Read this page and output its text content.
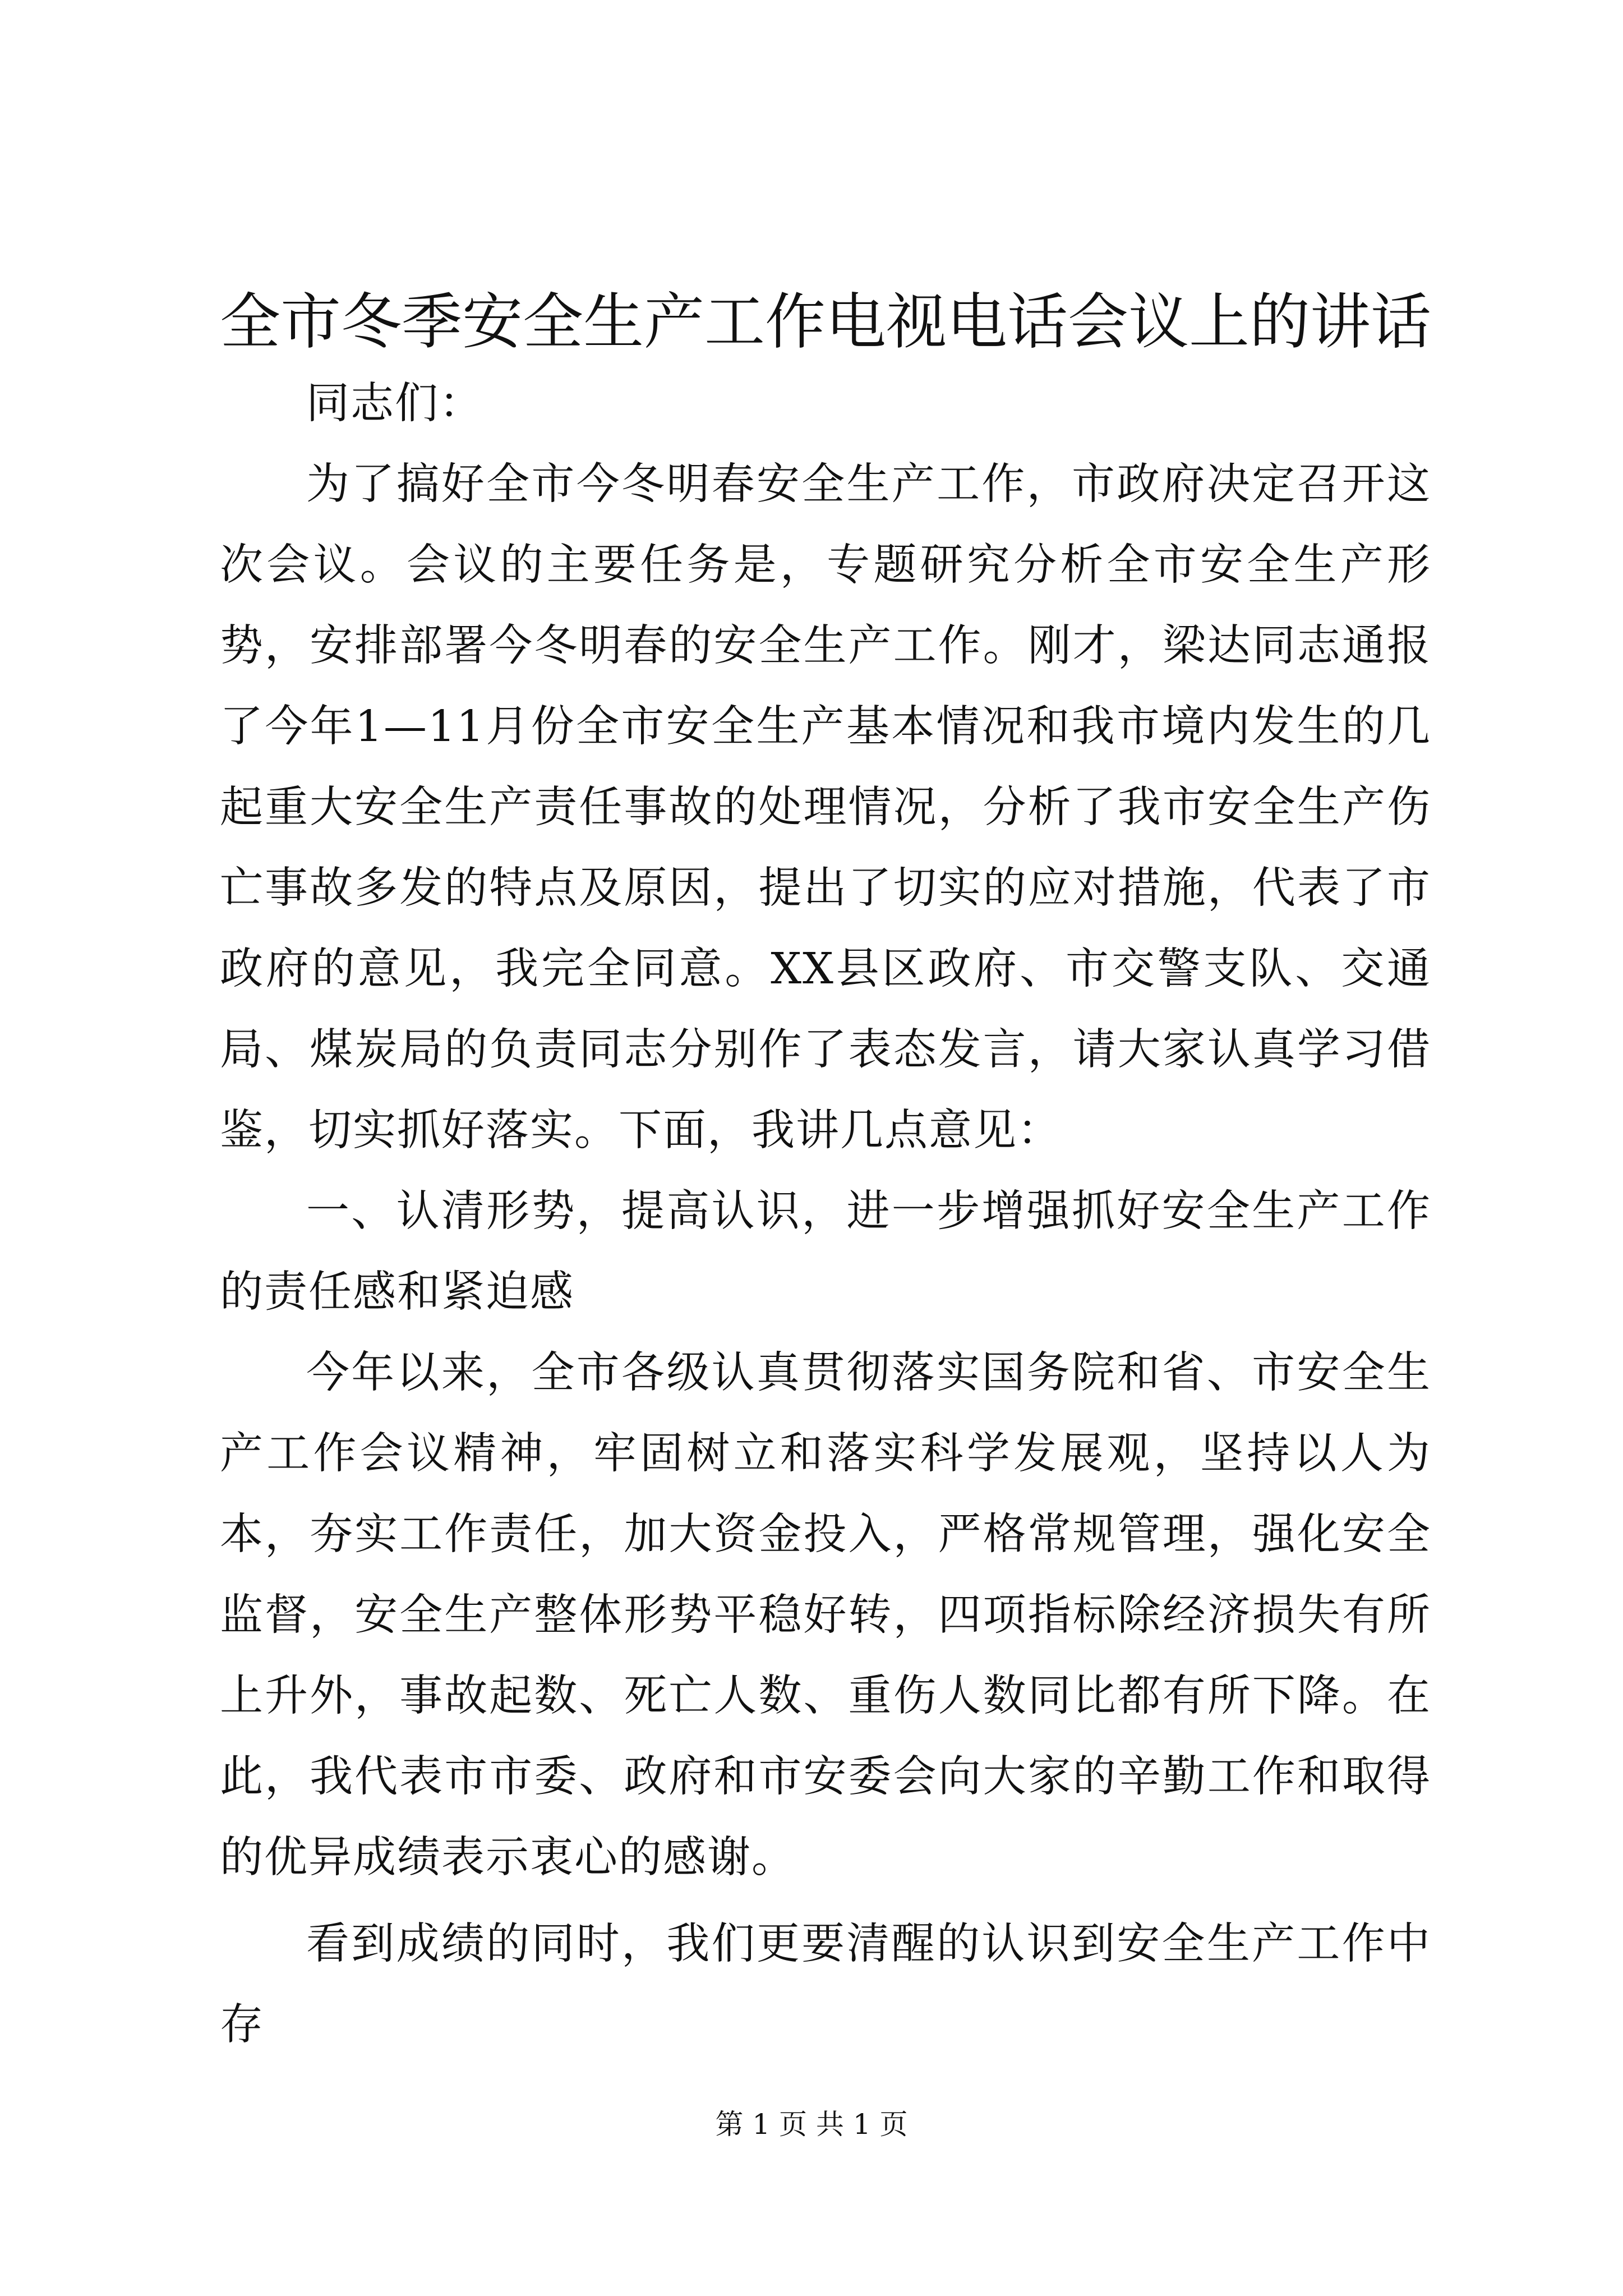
全市冬季安全生产工作电视电话会议上的讲话

同志们：

为了搞好全市今冬明春安全生产工作，市政府决定召开这次会议。会议的主要任务是，专题研究分析全市安全生产形势，安排部署今冬明春的安全生产工作。刚才，梁达同志通报了今年1—11月份全市安全生产基本情况和我市境内发生的几起重大安全生产责任事故的处理情况，分析了我市安全生产伤亡事故多发的特点及原因，提出了切实的应对措施，代表了市政府的意见，我完全同意。XX县区政府、市交警支队、交通局、煤炭局的负责同志分别作了表态发言，请大家认真学习借鉴，切实抓好落实。下面，我讲几点意见：

一、认清形势，提高认识，进一步增强抓好安全生产工作的责任感和紧迫感

今年以来，全市各级认真贯彻落实国务院和省、市安全生产工作会议精神，牢固树立和落实科学发展观，坚持以人为本，夯实工作责任，加大资金投入，严格常规管理，强化安全监督，安全生产整体形势平稳好转，四项指标除经济损失有所上升外，事故起数、死亡人数、重伤人数同比都有所下降。在此，我代表市市委、政府和市安委会向大家的辛勤工作和取得的优异成绩表示衷心的感谢。

看到成绩的同时，我们更要清醒的认识到安全生产工作中存

第 1 页 共 1 页
